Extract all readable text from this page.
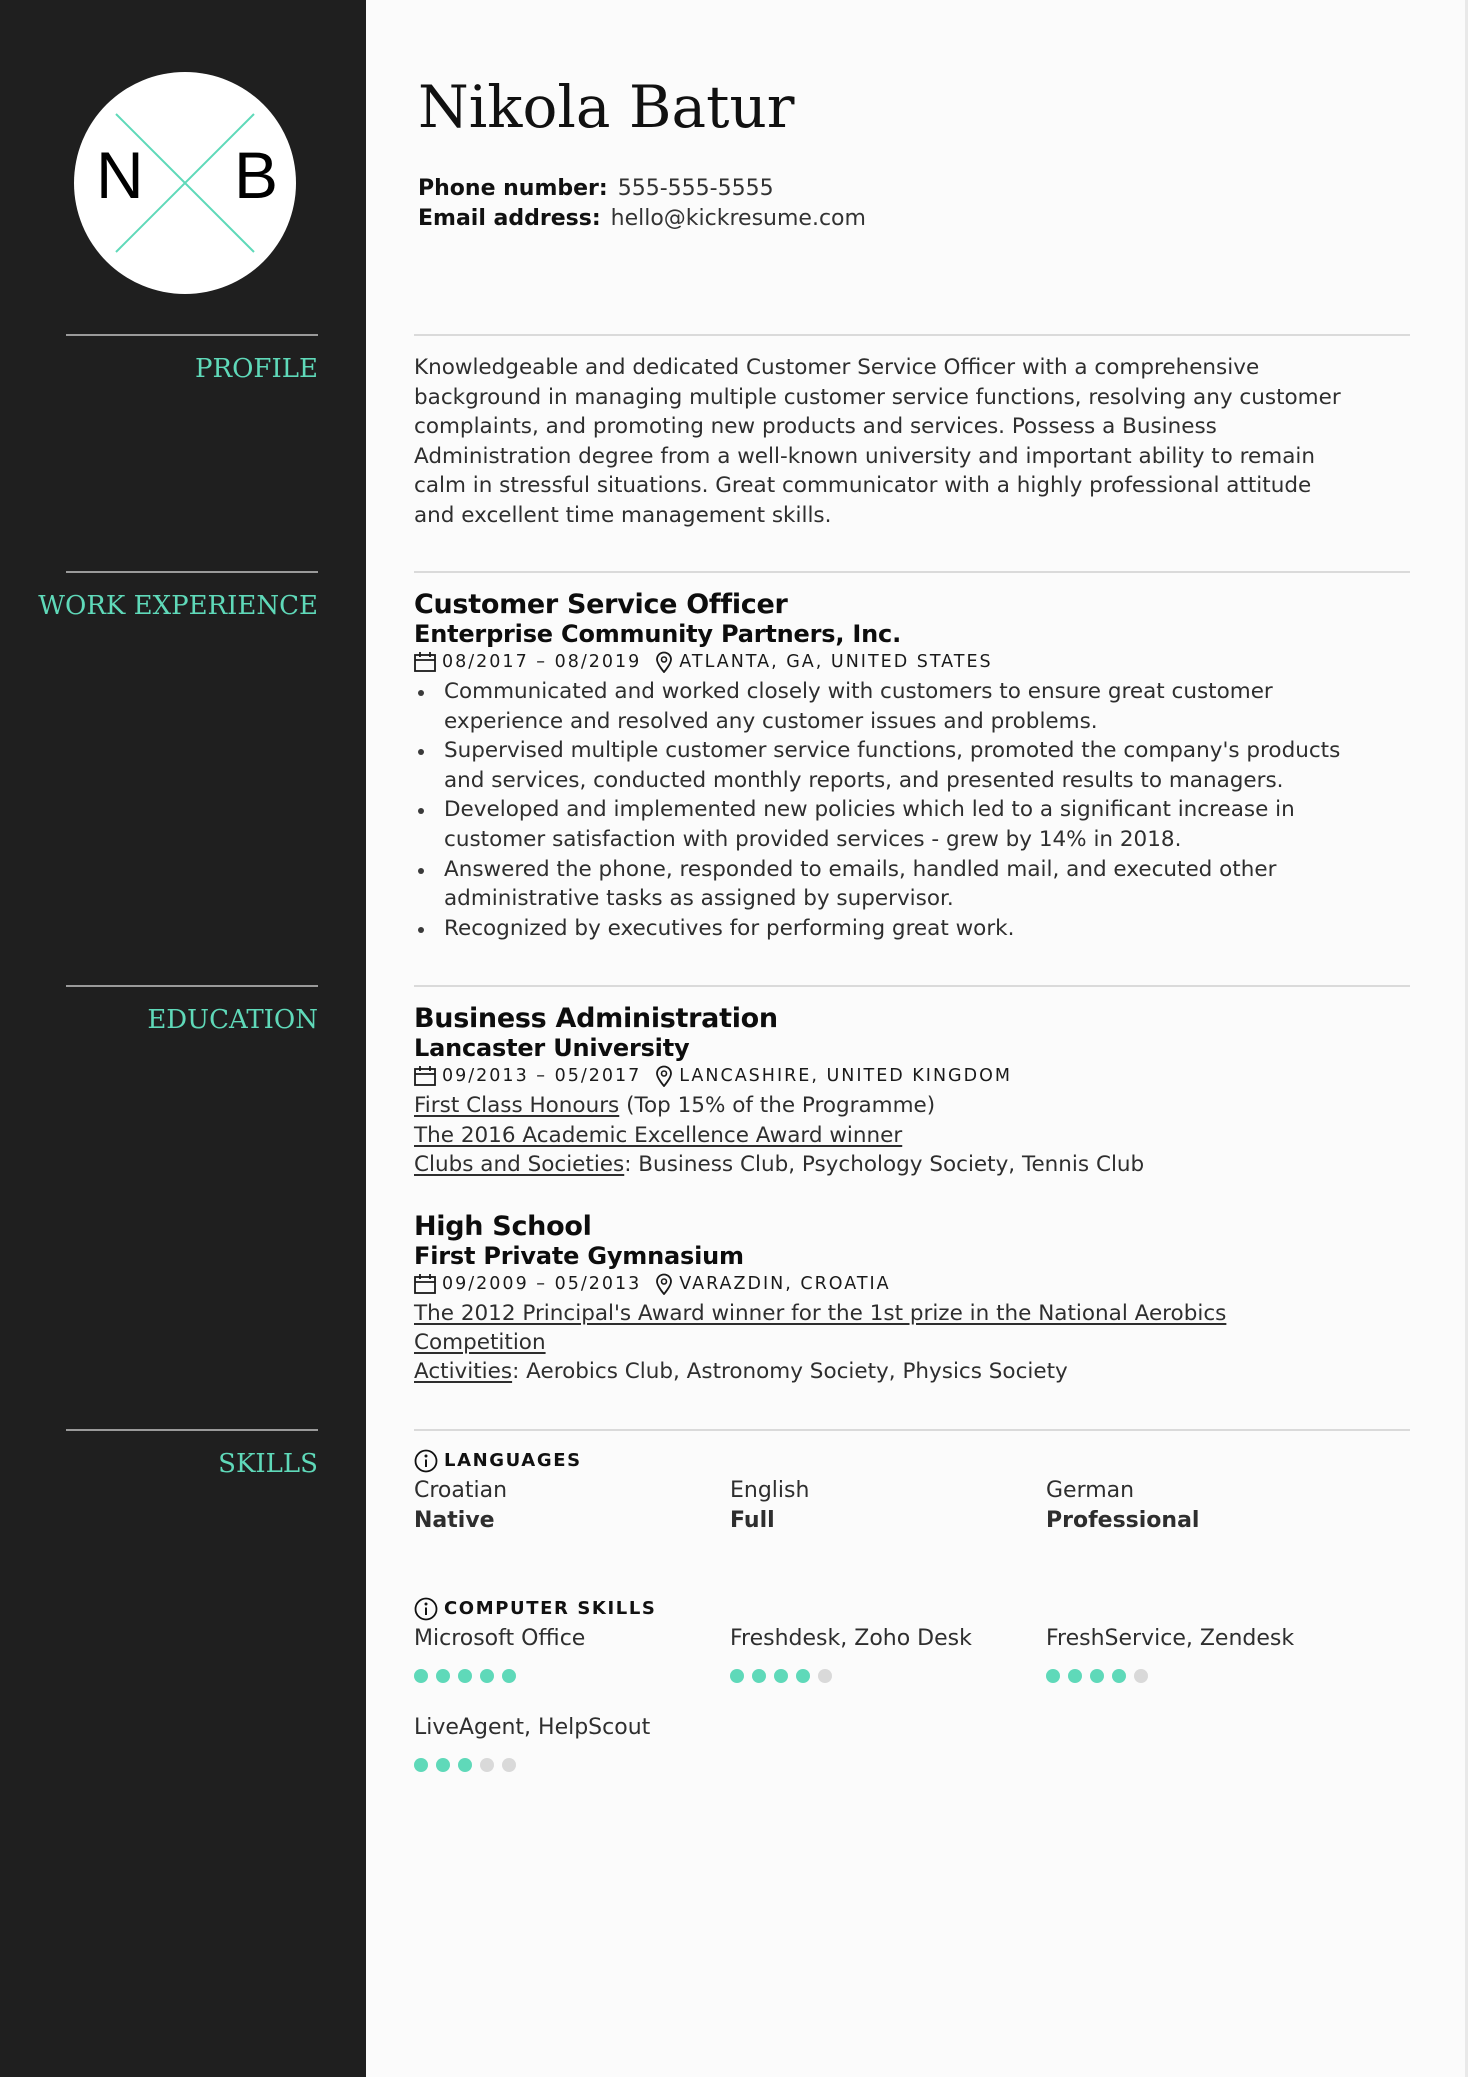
N B
Nikola Batur
Phone number: 555-555-5555
Email address: hello@kickresume.com
PROFILE	Knowledgeable and dedicated Customer Service Officer with a comprehensive
background in managing multiple customer service functions, resolving any customer
complaints, and promoting new products and services. Possess a Business
Administration degree from a well-known university and important ability to remain
calm in stressful situations. Great communicator with a highly professional attitude
and excellent time management skills.
WORK EXPERIENCE	Customer Service Officer
Enterprise Community Partners, Inc.
08/2017 – 08/2019 ATLANTA, GA, UNITED STATES
Communicated and worked closely with customers to ensure great customer
experience and resolved any customer issues and problems.
Supervised multiple customer service functions, promoted the company's products
and services, conducted monthly reports, and presented results to managers.
Developed and implemented new policies which led to a significant increase in
customer satisfaction with provided services - grew by 14% in 2018.
Answered the phone, responded to emails, handled mail, and executed other
administrative tasks as assigned by supervisor.
Recognized by executives for performing great work.
EDUCATION	Business Administration
Lancaster University
09/2013 – 05/2017 LANCASHIRE, UNITED KINGDOM
First Class Honours (Top 15% of the Programme)
The 2016 Academic Excellence Award winner
Clubs and Societies: Business Club, Psychology Society, Tennis Club
High School
First Private Gymnasium
09/2009 – 05/2013 VARAZDIN, CROATIA
The 2012 Principal's Award winner for the 1st prize in the National Aerobics
Competition
Activities: Aerobics Club, Astronomy Society, Physics Society
SKILLS	LANGUAGES
Croatian
Native
English
Full
German
Professional
COMPUTER SKILLS
Microsoft Office	Freshdesk, Zoho Desk	FreshService, Zendesk
LiveAgent, HelpScout
